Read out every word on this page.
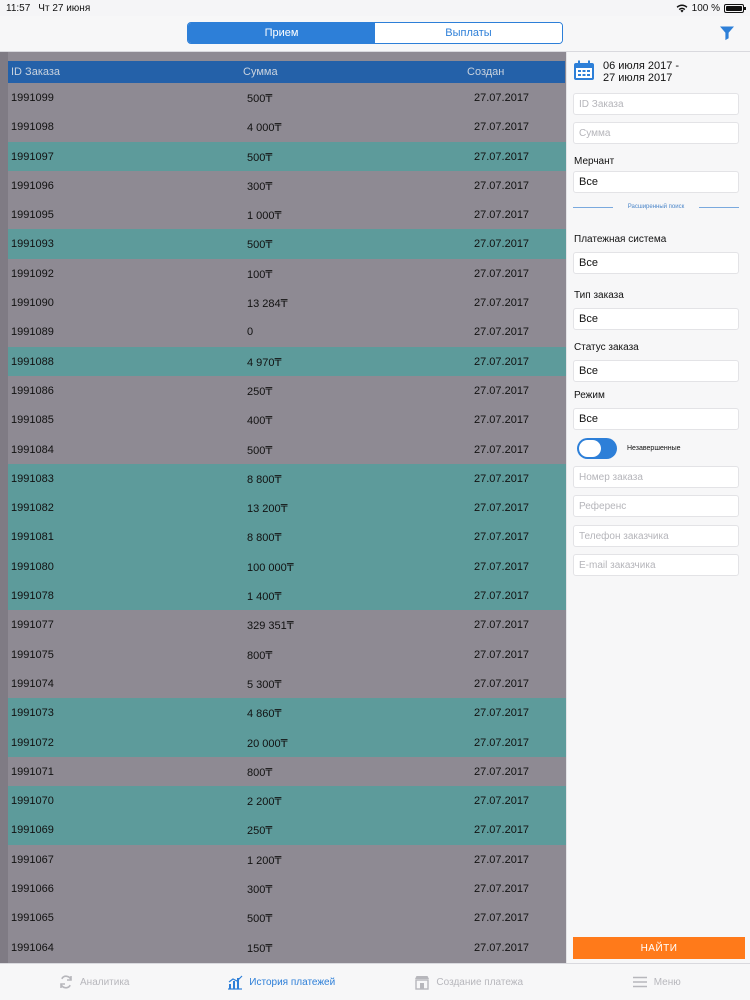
11:57 Чт 27 июня	100 %
Прием	Выплаты
ID Заказа	Сумма	Создан
1991099	500₸	27.07.2017
1991098	4 000₸	27.07.2017
1991097	500₸	27.07.2017
1991096	300₸	27.07.2017
1991095	1 000₸	27.07.2017
1991093	500₸	27.07.2017
1991092	100₸	27.07.2017
1991090	13 284₸	27.07.2017
1991089	0	27.07.2017
1991088	4 970₸	27.07.2017
1991086	250₸	27.07.2017
1991085	400₸	27.07.2017
1991084	500₸	27.07.2017
1991083	8 800₸	27.07.2017
1991082	13 200₸	27.07.2017
1991081	8 800₸	27.07.2017
1991080	100 000₸	27.07.2017
1991078	1 400₸	27.07.2017
1991077	329 351₸	27.07.2017
1991075	800₸	27.07.2017
1991074	5 300₸	27.07.2017
1991073	4 860₸	27.07.2017
1991072	20 000₸	27.07.2017
1991071	800₸	27.07.2017
1991070	2 200₸	27.07.2017
1991069	250₸	27.07.2017
1991067	1 200₸	27.07.2017
1991066	300₸	27.07.2017
1991065	500₸	27.07.2017
1991064	150₸	27.07.2017
06 июля 2017 -
27 июля 2017
ID Заказа
Сумма
Мерчант
Все
Расширенный поиск
Платежная система
Все
Тип заказа
Все
Статус заказа
Все
Режим
Все
Незавершенные
Номер заказа
Референс
Телефон заказчика
E-mail заказчика
НАЙТИ
Аналитика	История платежей	Создание платежа	Меню
